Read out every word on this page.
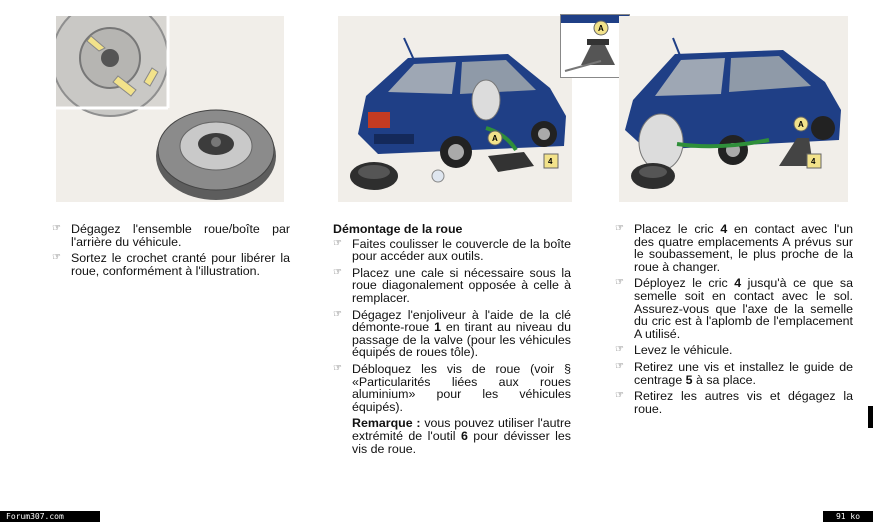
A
4
A
A
4
☞ Dégagez l'ensemble roue/boîte par l'arrière du véhicule.
☞ Sortez le crochet cranté pour libérer la roue, conformément à l'illustration.
Démontage de la roue
☞ Faites coulisser le couvercle de la boîte pour accéder aux outils.
☞ Placez une cale si nécessaire sous la roue diagonalement opposée à celle à remplacer.
☞ Dégagez l'enjoliveur à l'aide de la clé démonte-roue 1 en tirant au niveau du passage de la valve (pour les véhicules équipés de roues tôle).
☞ Débloquez les vis de roue (voir § «Particularités liées aux roues aluminium» pour les véhicules équipés).
Remarque : vous pouvez utiliser l'autre extrémité de l'outil 6 pour dévisser les vis de roue.
☞ Placez le cric 4 en contact avec l'un des quatre emplacements A prévus sur le soubassement, le plus proche de la roue à changer.
☞ Déployez le cric 4 jusqu'à ce que sa semelle soit en contact avec le sol. Assurez-vous que l'axe de la semelle du cric est à l'aplomb de l'emplacement A utilisé.
☞ Levez le véhicule.
☞ Retirez une vis et installez le guide de centrage 5 à sa place.
☞ Retirez les autres vis et dégagez la roue.
Forum307.com	91 ko
